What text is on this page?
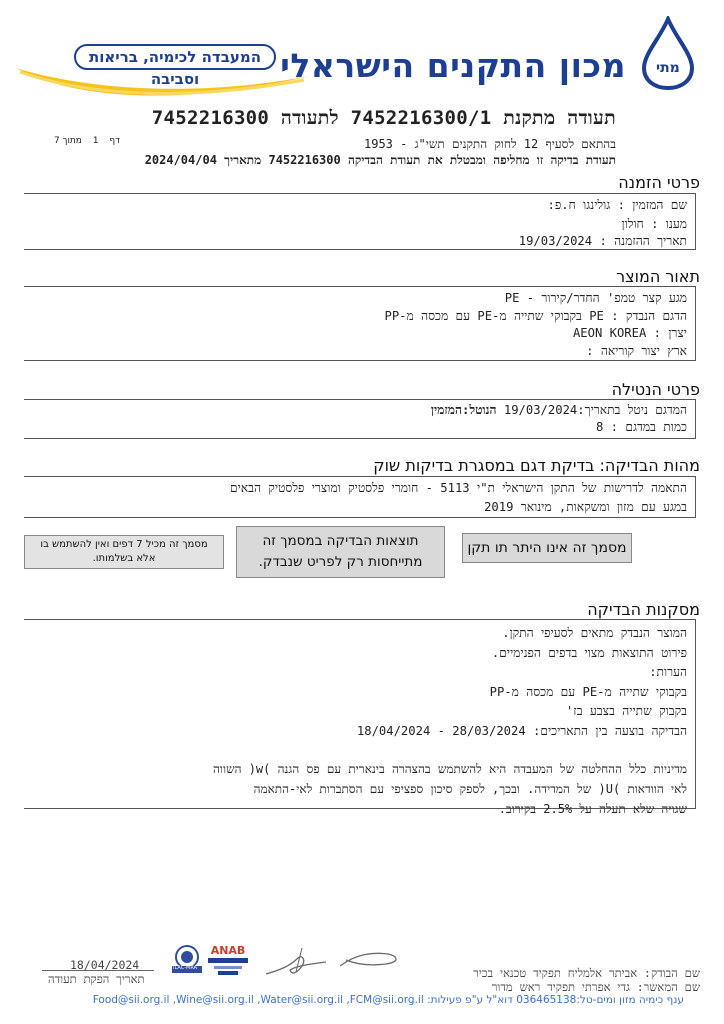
המעבדה לכימיה, בריאות וסביבה	מכון התקנים הישראלי מתי
תעודה מתקנת 7452216300/1 לתעודה 7452216300
דף 1 מתוך 7	בהתאם לסעיף 12 לחוק התקנים תשי"ג - 1953
תעודת בדיקה זו מחליפה ומבטלת את תעודת הבדיקה 7452216300 מתאריך 2024/04/04
פרטי הזמנה
שם המזמין : גולינגו ח.פ:
מענו : חולון
תאריך ההזמנה : 19/03/2024
תאור המוצר
PE - מגע קצר טמפ' החדר/קירור
הדגם הנבדק : PE בקבוקי שתייה מ-PE עם מכסה מ-PP
יצרן : AEON KOREA
ארץ יצור קוריאה :
פרטי הנטילה
המדגם ניטל בתאריך:19/03/2024 הנוטל:המזמין
כמות במדגם : 8
מהות הבדיקה: בדיקת דגם במסגרת בדיקות שוק
התאמה לדרישות של התקן הישראלי ת"י 5113 - חומרי פלסטיק ומוצרי פלסטיק הבאים
במגע עם מזון ומשקאות, מינואר 2019
מסמך זה אינו היתר תו תקן
תוצאות הבדיקה במסמך זה מתייחסות רק לפריט שנבדק.
מסמך זה מכיל 7 דפים ואין להשתמש בו אלא בשלמותו.
מסקנות הבדיקה
המוצר הנבדק מתאים לסעיפי התקן.
פירוט התוצאות מצוי בדפים הפנימיים.
הערות:
PP-עם מכסה מ PE-בקבוקי שתייה מ
בקבוק שתייה בצבע בז'
הבדיקה בוצעה בין התאריכים: 28/03/2024 - 18/04/2024
מדיניות כלל ההחלטה של המעבדה היא להשתמש בהצהרה בינארית עם פס הגנה )w( השווה
לאי הוודאות )U( של המדידה. ובכך, לספק סיכון ספציפי עם הסתברות לאי-התאמה
שגויה שלא תעלה על 2.5% בקירוב.
18/04/2024
תאריך הפקת תעודה
ILAC-MRA
ANAB
שם הבודק: אביתר אלמליח תפקיד טכנאי בכיר
שם המאשר: גדי אפרתי תפקיד ראש מדור
ענף כימיה מזון ומים-טל:036465138 דוא"ל ע"פ פעילות: Food@sii.org.il ,Wine@sii.org.il ,Water@sii.org.il ,FCM@sii.org.il
